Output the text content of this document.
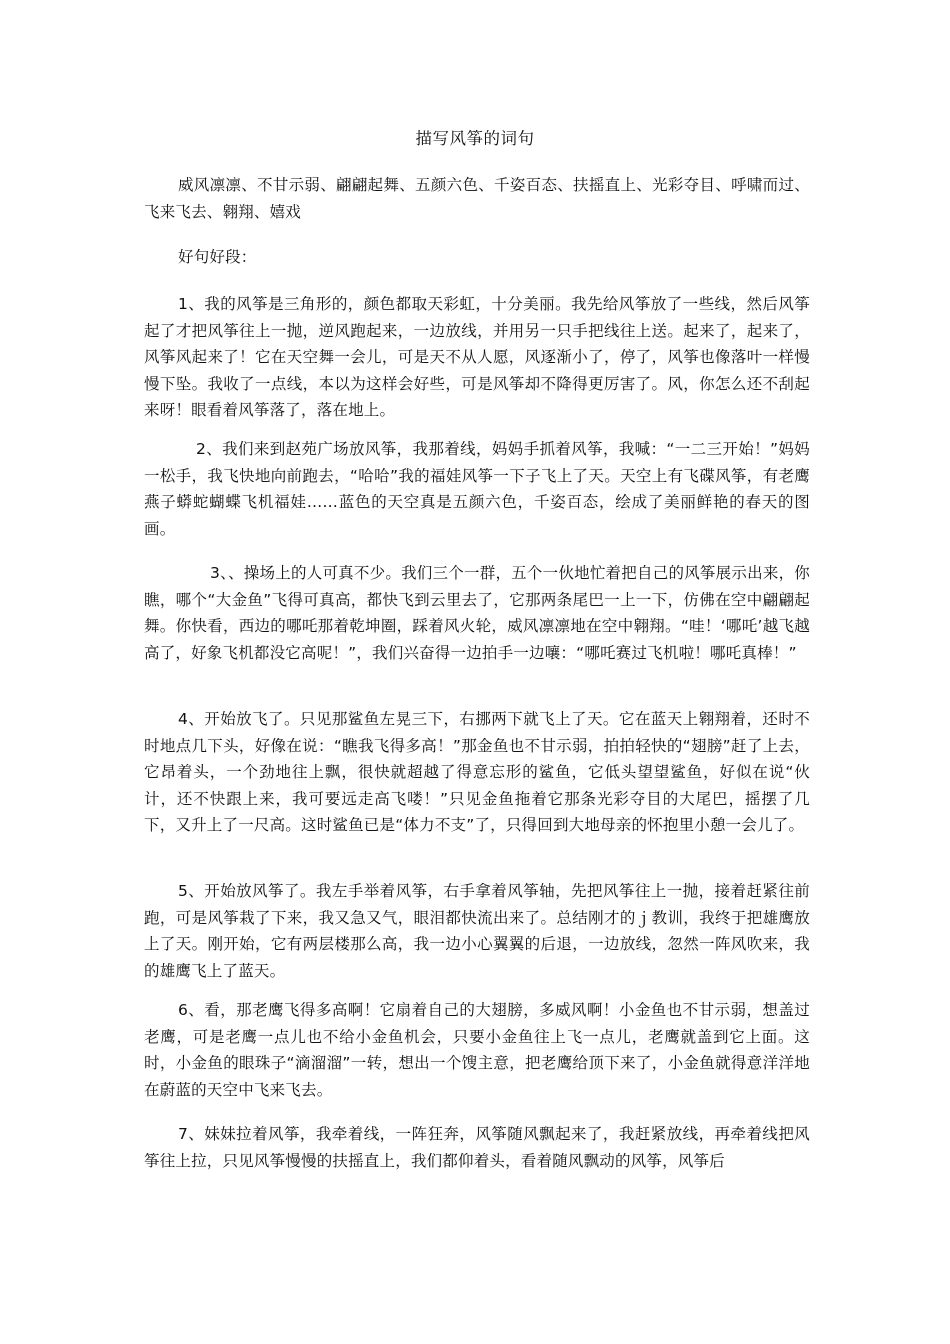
描写风筝的词句

威风凛凛、不甘示弱、翩翩起舞、五颜六色、千姿百态、扶摇直上、光彩夺目、呼啸而过、飞来飞去、翱翔、嬉戏

好句好段：

1、我的风筝是三角形的，颜色都取天彩虹，十分美丽。我先给风筝放了一些线，然后风筝起了才把风筝往上一抛，逆风跑起来，一边放线，并用另一只手把线往上送。起来了，起来了，风筝风起来了！它在天空舞一会儿，可是天不从人愿，风逐渐小了，停了，风筝也像落叶一样慢慢下坠。我收了一点线，本以为这样会好些，可是风筝却不降得更厉害了。风，你怎么还不刮起来呀！眼看着风筝落了，落在地上。

2、我们来到赵苑广场放风筝，我那着线，妈妈手抓着风筝，我喊：“一二三开始！”妈妈一松手，我飞快地向前跑去，“哈哈”我的福娃风筝一下子飞上了天。天空上有飞碟风筝，有老鹰燕子蟒蛇蝴蝶飞机福娃……蓝色的天空真是五颜六色，千姿百态，绘成了美丽鲜艳的春天的图画。

3、、操场上的人可真不少。我们三个一群，五个一伙地忙着把自己的风筝展示出来，你瞧，哪个“大金鱼”飞得可真高，都快飞到云里去了，它那两条尾巴一上一下，仿佛在空中翩翩起舞。你快看，西边的哪吒那着乾坤圈，踩着风火轮，威风凛凛地在空中翱翔。“哇！‘哪吒’越飞越高了，好象飞机都没它高呢！”，我们兴奋得一边拍手一边嚷：“哪吒赛过飞机啦！哪吒真棒！”

4、开始放飞了。只见那鲨鱼左晃三下，右挪两下就飞上了天。它在蓝天上翱翔着，还时不时地点几下头，好像在说：“瞧我飞得多高！”那金鱼也不甘示弱，拍拍轻快的“翅膀”赶了上去，它昂着头，一个劲地往上飘，很快就超越了得意忘形的鲨鱼，它低头望望鲨鱼，好似在说“伙计，还不快跟上来，我可要远走高飞喽！”只见金鱼拖着它那条光彩夺目的大尾巴，摇摆了几下，又升上了一尺高。这时鲨鱼已是“体力不支”了，只得回到大地母亲的怀抱里小憩一会儿了。

5、开始放风筝了。我左手举着风筝，右手拿着风筝轴，先把风筝往上一抛，接着赶紧往前跑，可是风筝栽了下来，我又急又气，眼泪都快流出来了。总结刚才的ｊ教训，我终于把雄鹰放上了天。刚开始，它有两层楼那么高，我一边小心翼翼的后退，一边放线，忽然一阵风吹来，我的雄鹰飞上了蓝天。

6、看，那老鹰飞得多高啊！它扇着自己的大翅膀，多威风啊！小金鱼也不甘示弱，想盖过老鹰，可是老鹰一点儿也不给小金鱼机会，只要小金鱼往上飞一点儿，老鹰就盖到它上面。这时，小金鱼的眼珠子“滴溜溜”一转，想出一个馊主意，把老鹰给顶下来了，小金鱼就得意洋洋地在蔚蓝的天空中飞来飞去。

7、妹妹拉着风筝，我牵着线，一阵狂奔，风筝随风飘起来了，我赶紧放线，再牵着线把风筝往上拉，只见风筝慢慢的扶摇直上，我们都仰着头，看着随风飘动的风筝，风筝后
